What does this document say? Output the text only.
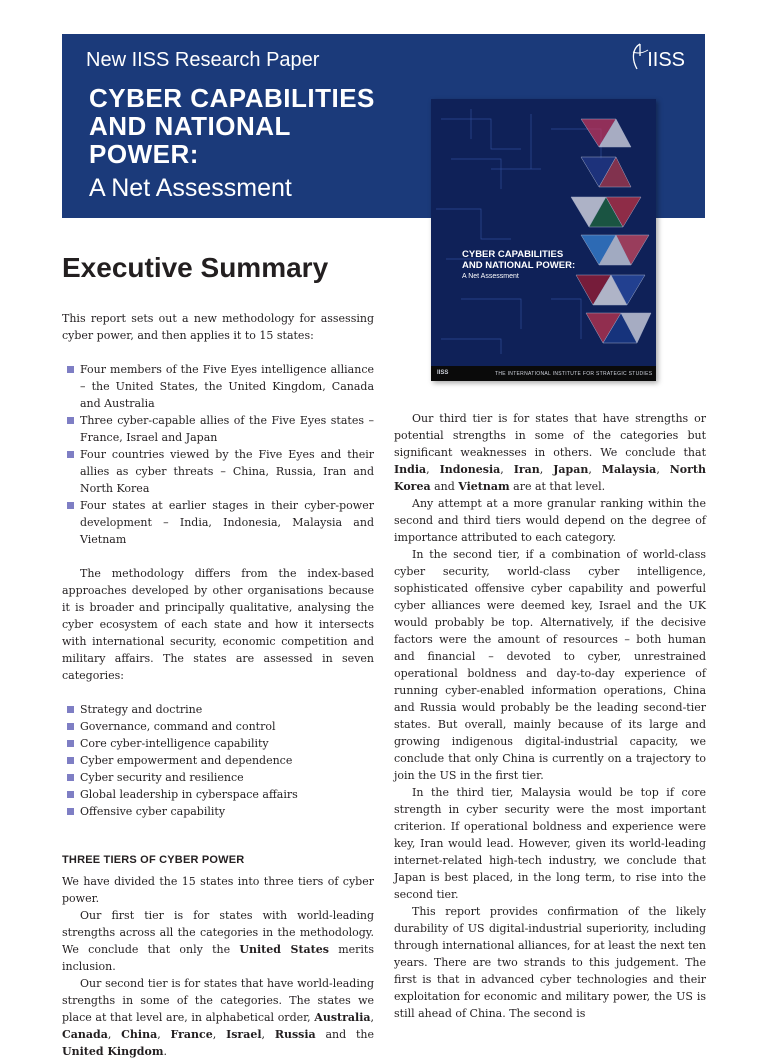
New IISS Research Paper
CYBER CAPABILITIES
AND NATIONAL
POWER:
A Net Assessment
IISS
CYBER CAPABILITIES
AND NATIONAL POWER:
A Net Assessment
IISS	THE INTERNATIONAL INSTITUTE FOR STRATEGIC STUDIES
Executive Summary

This report sets out a new methodology for assessing cyber power, and then applies it to 15 states:

Four members of the Five Eyes intelligence alliance – the United States, the United Kingdom, Canada and Australia
Three cyber-capable allies of the Five Eyes states – France, Israel and Japan
Four countries viewed by the Five Eyes and their allies as cyber threats – China, Russia, Iran and North Korea
Four states at earlier stages in their cyber-power development – India, Indonesia, Malaysia and Vietnam

The methodology differs from the index-based approaches developed by other organisations because it is broader and principally qualitative, analysing the cyber ecosystem of each state and how it intersects with international security, economic competition and military affairs. The states are assessed in seven categories:

Strategy and doctrine
Governance, command and control
Core cyber-intelligence capability
Cyber empowerment and dependence
Cyber security and resilience
Global leadership in cyberspace affairs
Offensive cyber capability

THREE TIERS OF CYBER POWER

We have divided the 15 states into three tiers of cyber power.

Our first tier is for states with world-leading strengths across all the categories in the methodology. We conclude that only the United States merits inclusion.

Our second tier is for states that have world-leading strengths in some of the categories. The states we place at that level are, in alphabetical order, Australia, Canada, China, France, Israel, Russia and the United Kingdom.

Our third tier is for states that have strengths or potential strengths in some of the categories but significant weaknesses in others. We conclude that India, Indonesia, Iran, Japan, Malaysia, North Korea and Vietnam are at that level.

Any attempt at a more granular ranking within the second and third tiers would depend on the degree of importance attributed to each category.

In the second tier, if a combination of world-class cyber security, world-class cyber intelligence, sophisticated offensive cyber capability and powerful cyber alliances were deemed key, Israel and the UK would probably be top. Alternatively, if the decisive factors were the amount of resources – both human and financial – devoted to cyber, unrestrained operational boldness and day-to-day experience of running cyber-enabled information operations, China and Russia would probably be the leading second-tier states. But overall, mainly because of its large and growing indigenous digital-industrial capacity, we conclude that only China is currently on a trajectory to join the US in the first tier.

In the third tier, Malaysia would be top if core strength in cyber security were the most important criterion. If operational boldness and experience were key, Iran would lead. However, given its world-leading internet-related high-tech industry, we conclude that Japan is best placed, in the long term, to rise into the second tier.

This report provides confirmation of the likely durability of US digital-industrial superiority, including through international alliances, for at least the next ten years. There are two strands to this judgement. The first is that in advanced cyber technologies and their exploitation for economic and military power, the US is still ahead of China. The second is
